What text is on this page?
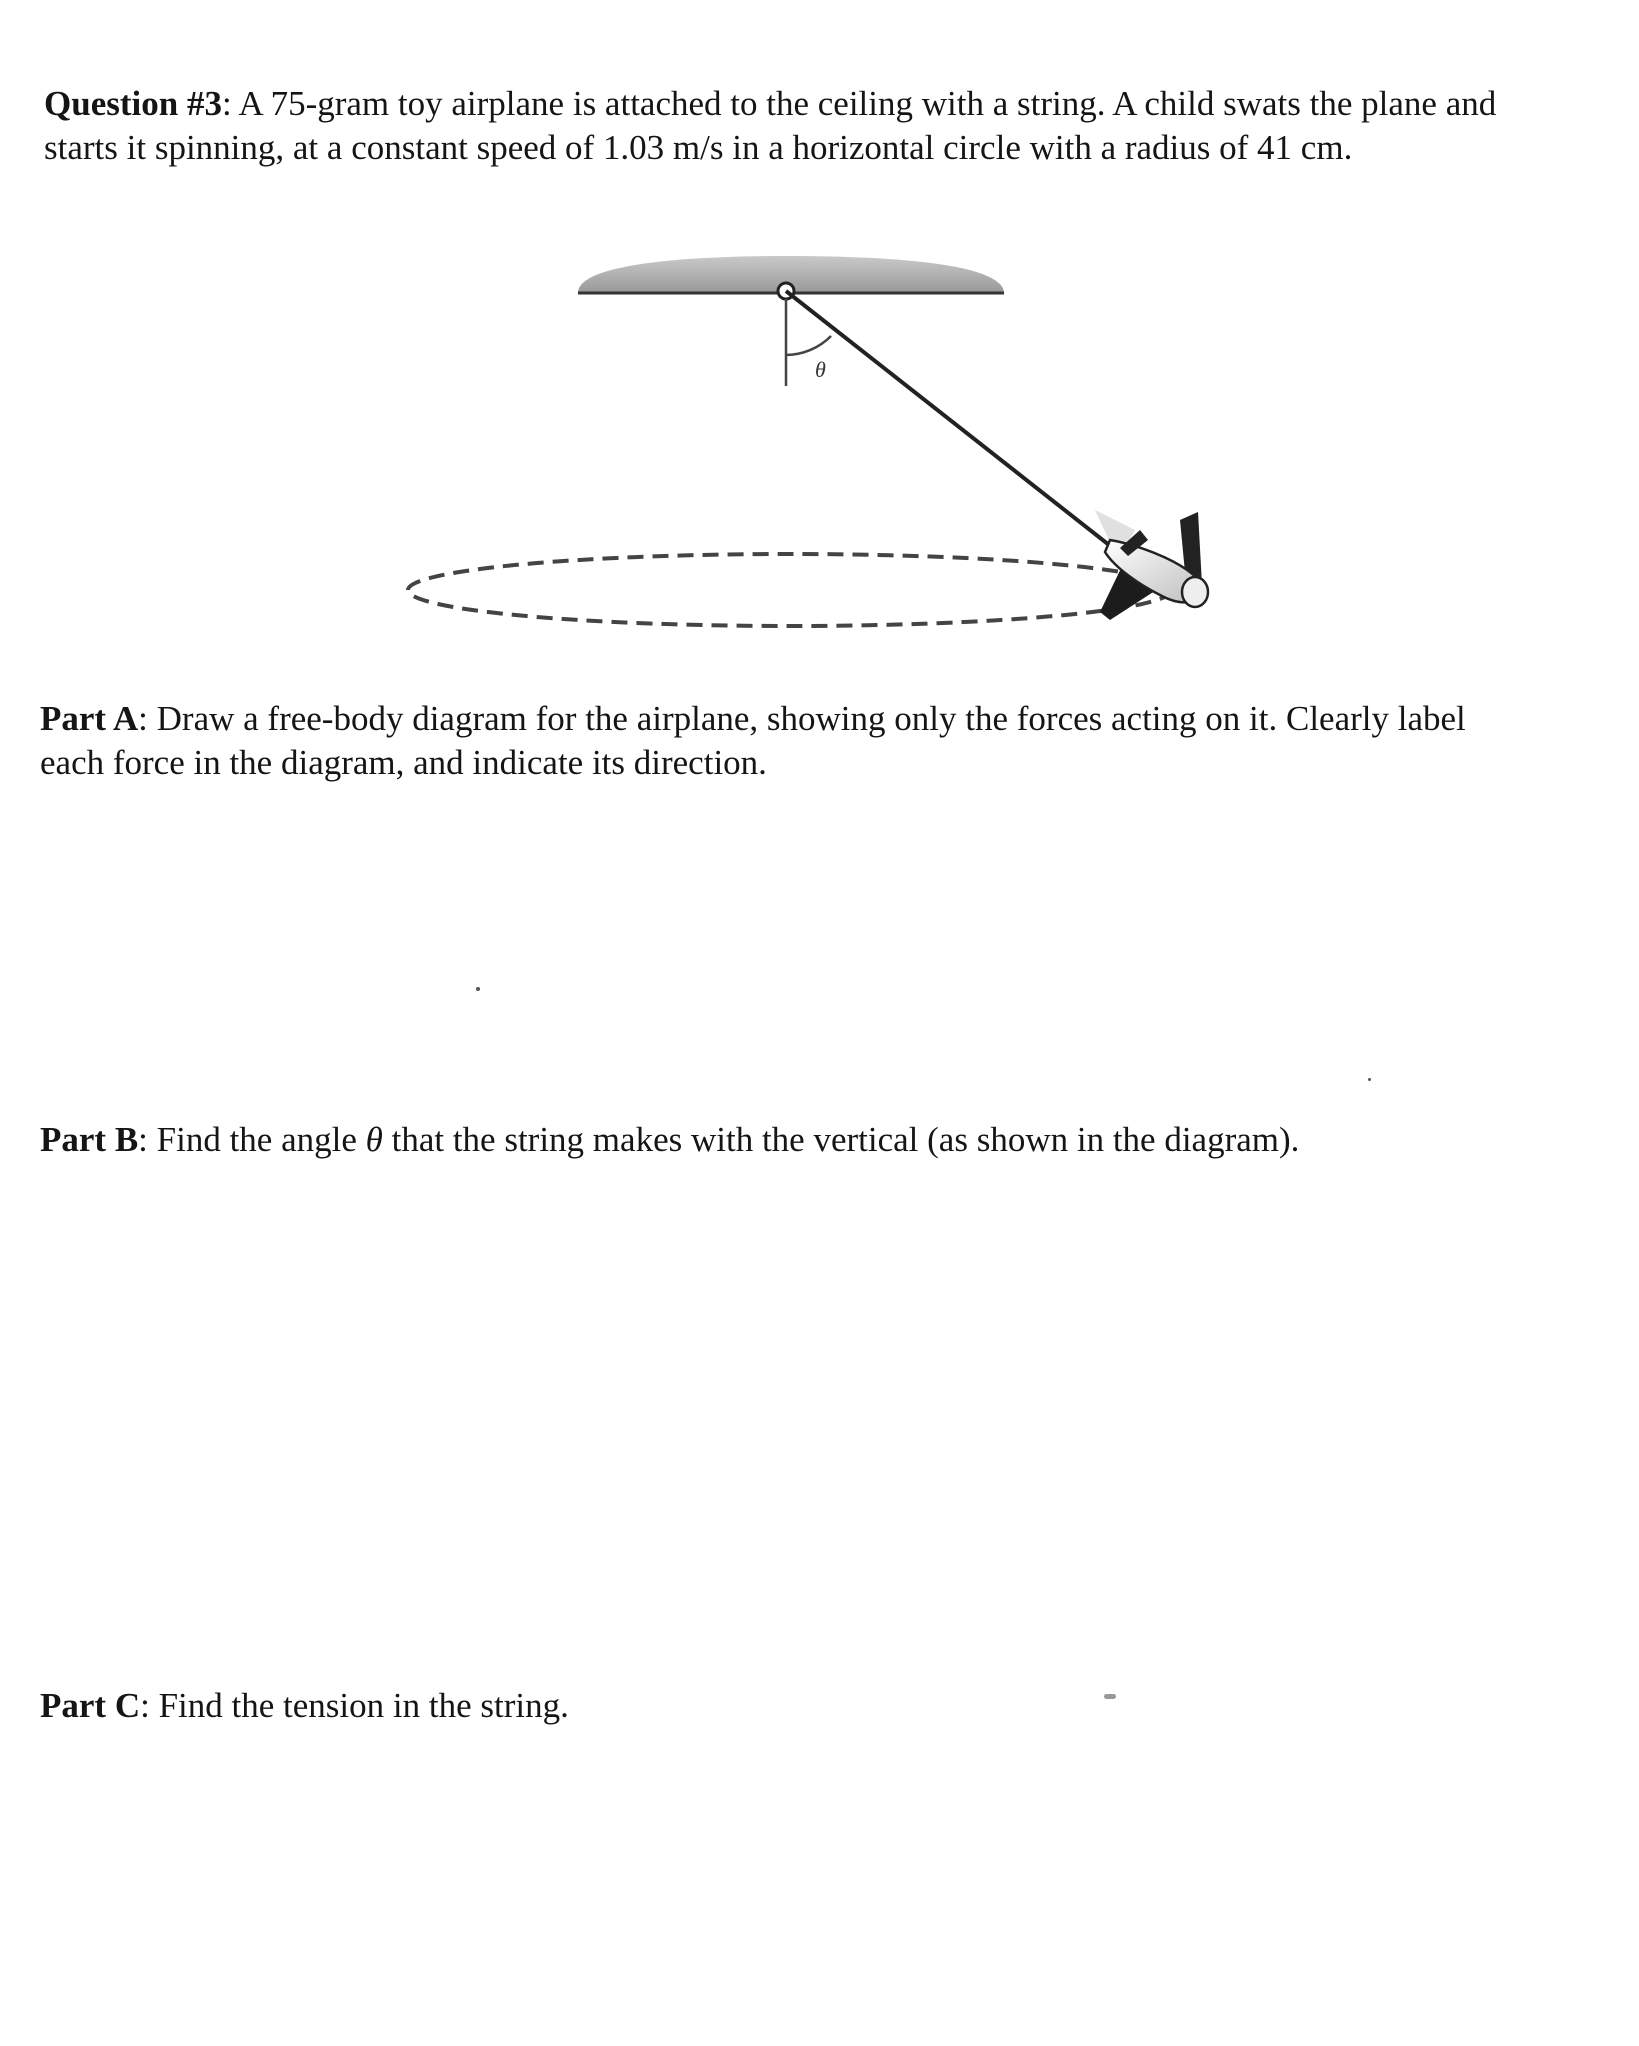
Question #3: A 75-gram toy airplane is attached to the ceiling with a string. A child swats the plane and
starts it spinning, at a constant speed of 1.03 m/s in a horizontal circle with a radius of 41 cm.

θ

Part A: Draw a free-body diagram for the airplane, showing only the forces acting on it. Clearly label
each force in the diagram, and indicate its direction.

Part B: Find the angle θ that the string makes with the vertical (as shown in the diagram).

Part C: Find the tension in the string.
